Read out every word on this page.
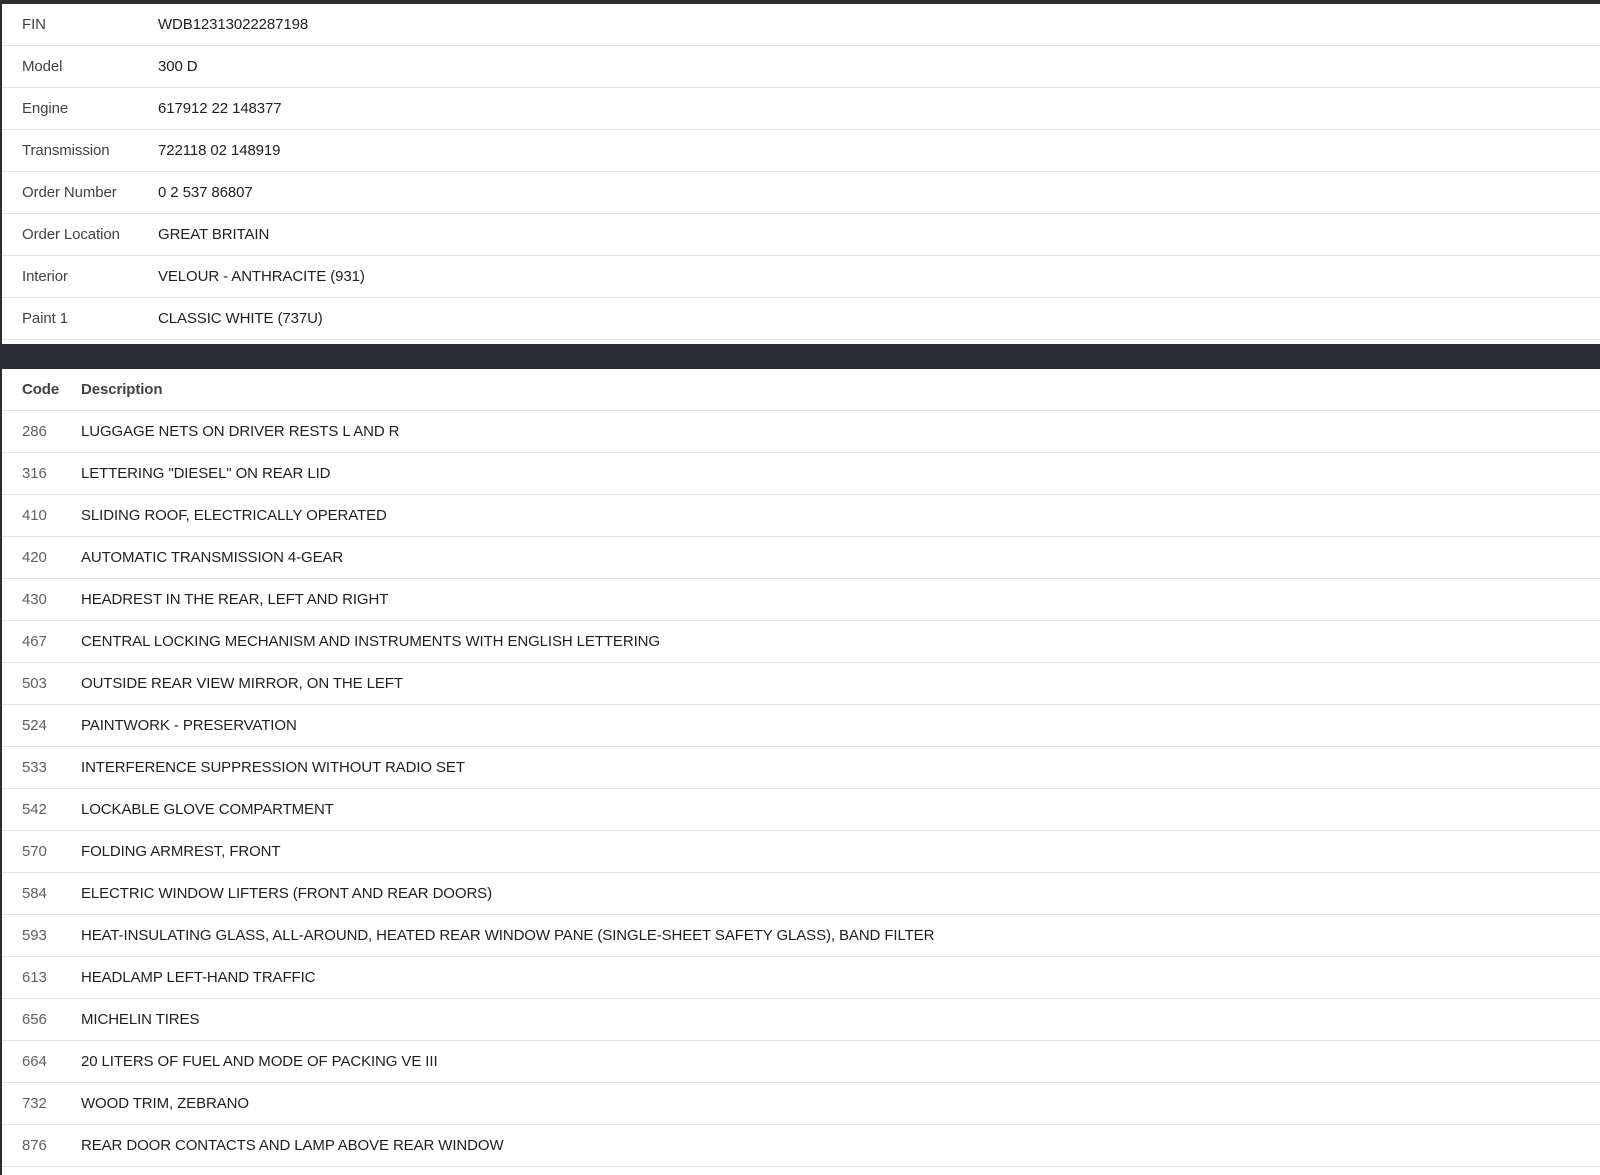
FIN	WDB12313022287198
Model	300 D
Engine	617912 22 148377
Transmission	722118 02 148919
Order Number	0 2 537 86807
Order Location	GREAT BRITAIN
Interior	VELOUR - ANTHRACITE (931)
Paint 1	CLASSIC WHITE (737U)
Code	Description
286	LUGGAGE NETS ON DRIVER RESTS L AND R
316	LETTERING "DIESEL" ON REAR LID
410	SLIDING ROOF, ELECTRICALLY OPERATED
420	AUTOMATIC TRANSMISSION 4-GEAR
430	HEADREST IN THE REAR, LEFT AND RIGHT
467	CENTRAL LOCKING MECHANISM AND INSTRUMENTS WITH ENGLISH LETTERING
503	OUTSIDE REAR VIEW MIRROR, ON THE LEFT
524	PAINTWORK - PRESERVATION
533	INTERFERENCE SUPPRESSION WITHOUT RADIO SET
542	LOCKABLE GLOVE COMPARTMENT
570	FOLDING ARMREST, FRONT
584	ELECTRIC WINDOW LIFTERS (FRONT AND REAR DOORS)
593	HEAT-INSULATING GLASS, ALL-AROUND, HEATED REAR WINDOW PANE (SINGLE-SHEET SAFETY GLASS), BAND FILTER
613	HEADLAMP LEFT-HAND TRAFFIC
656	MICHELIN TIRES
664	20 LITERS OF FUEL AND MODE OF PACKING VE III
732	WOOD TRIM, ZEBRANO
876	REAR DOOR CONTACTS AND LAMP ABOVE REAR WINDOW
